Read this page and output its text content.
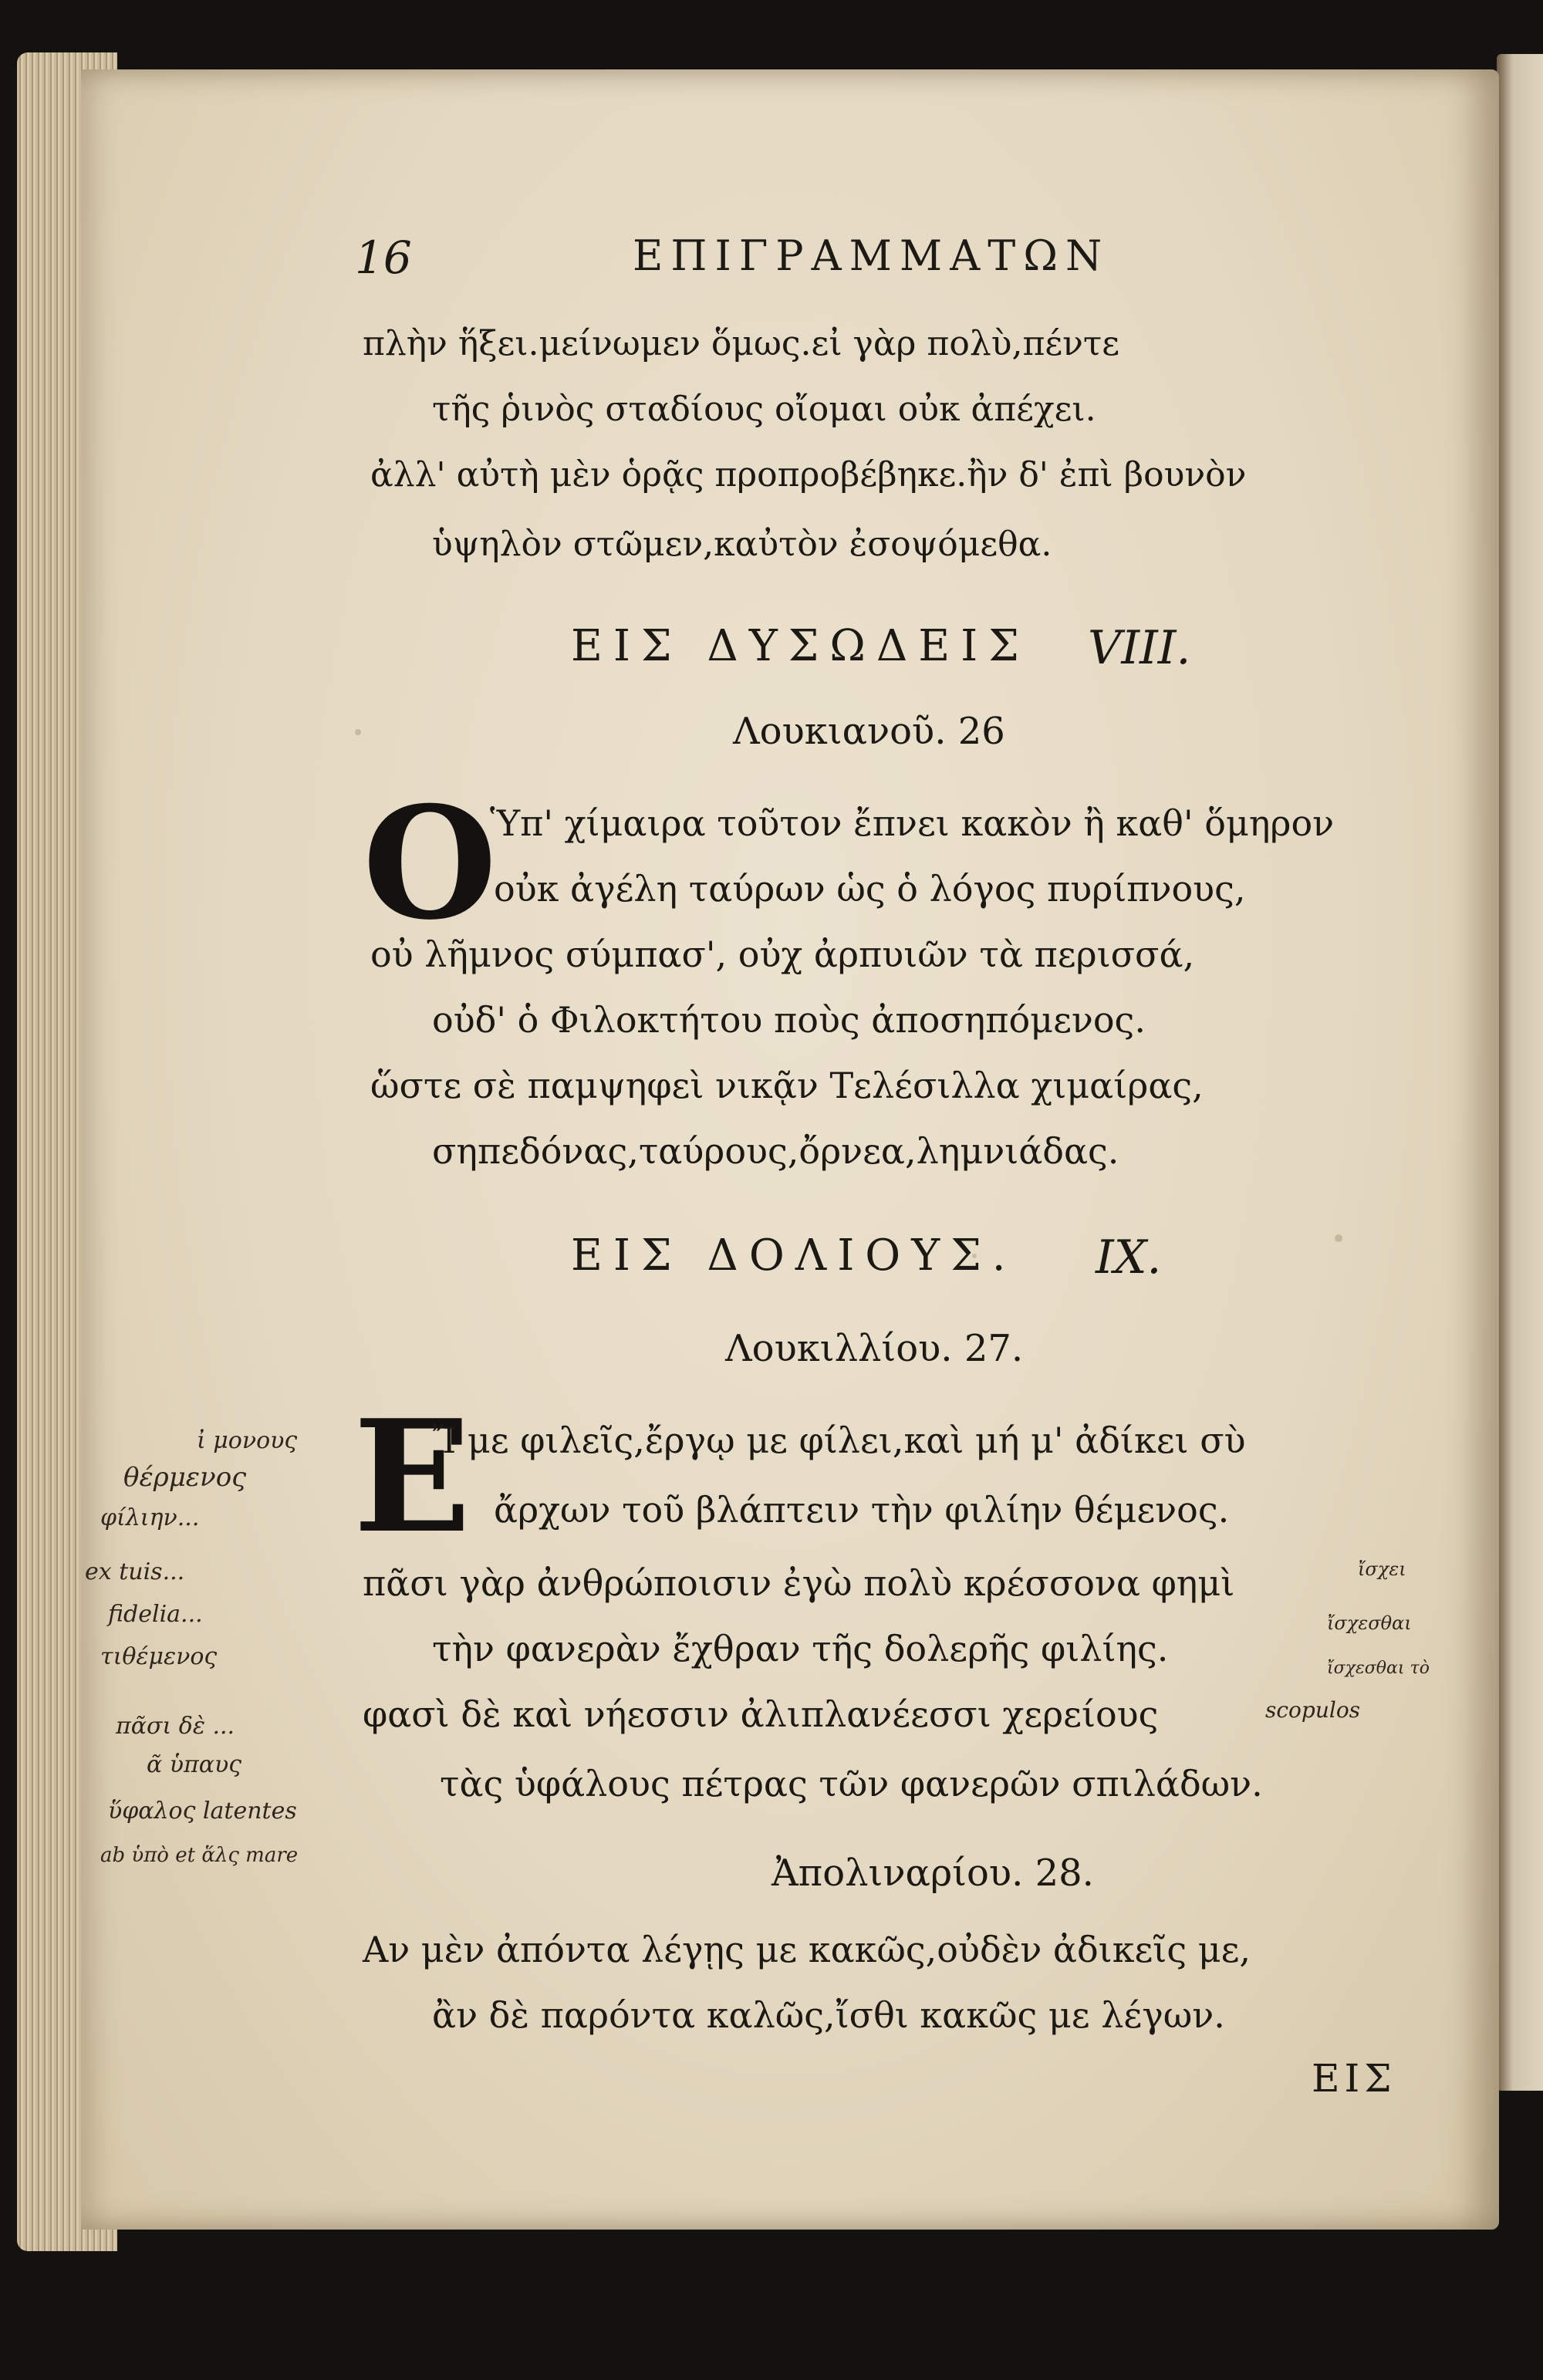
16	ΕΠΙΓΡΑΜΜΑΤΩΝ
πλὴν ἥξει.μείνωμεν ὅμως.εἰ γὰρ πολὺ,πέντε
τῆς ῥινὸς σταδίους οἴομαι οὐκ ἀπέχει.
ἀλλ' αὐτὴ μὲν ὁρᾷς προπροβέβηκε.ἢν δ' ἐπὶ βουνὸν
ὑψηλὸν στῶμεν,καὐτὸν ἐσοψόμεθα.
ΕΙΣ ΔΥΣΩΔΕΙΣ VIII.
Λουκιανοῦ. 26
O
Ὑπ' χίμαιρα τοῦτον ἔπνει κακὸν ἢ καθ' ὅμηρον
οὐκ ἀγέλη ταύρων ὡς ὁ λόγος πυρίπνους,
οὐ λῆμνος σύμπασ', οὐχ ἀρπυιῶν τὰ περισσά,
οὐδ' ὁ Φιλοκτήτου ποὺς ἀποσηπόμενος.
ὥστε σὲ παμψηφεὶ νικᾷν Τελέσιλλα χιμαίρας,
σηπεδόνας,ταύρους,ὄρνεα,λημνιάδας.
ΕΙΣ ΔΟΛΙΟΥΣ. IX.
Λουκιλλίου. 27.
E
Ἴ με φιλεῖς,ἔργῳ με φίλει,καὶ μή μ' ἀδίκει σὺ
ἄρχων τοῦ βλάπτειν τὴν φιλίην θέμενος.
πᾶσι γὰρ ἀνθρώποισιν ἐγὼ πολὺ κρέσσονα φημὶ
τὴν φανερὰν ἔχθραν τῆς δολερῆς φιλίης.
φασὶ δὲ καὶ νήεσσιν ἀλιπλανέεσσι χερείους
τὰς ὑφάλους πέτρας τῶν φανερῶν σπιλάδων.
Ἀπολιναρίου. 28.
Αν μὲν ἀπόντα λέγῃς με κακῶς,οὐδὲν ἀδικεῖς με,
ἂν δὲ παρόντα καλῶς,ἴσθι κακῶς με λέγων.
ΕΙΣ
ἰ μονους
θέρμενος
φίλιην...
ex tuis...
fidelia...
τιθέμενος
πᾶσι δὲ ...
ᾶ ὑπαυς
ὕφαλος latentes
ab ὑπὸ et ἅλς mare
ἴσχει
ἴσχεσθαι
ἴσχεσθαι τὸ
scopulos
